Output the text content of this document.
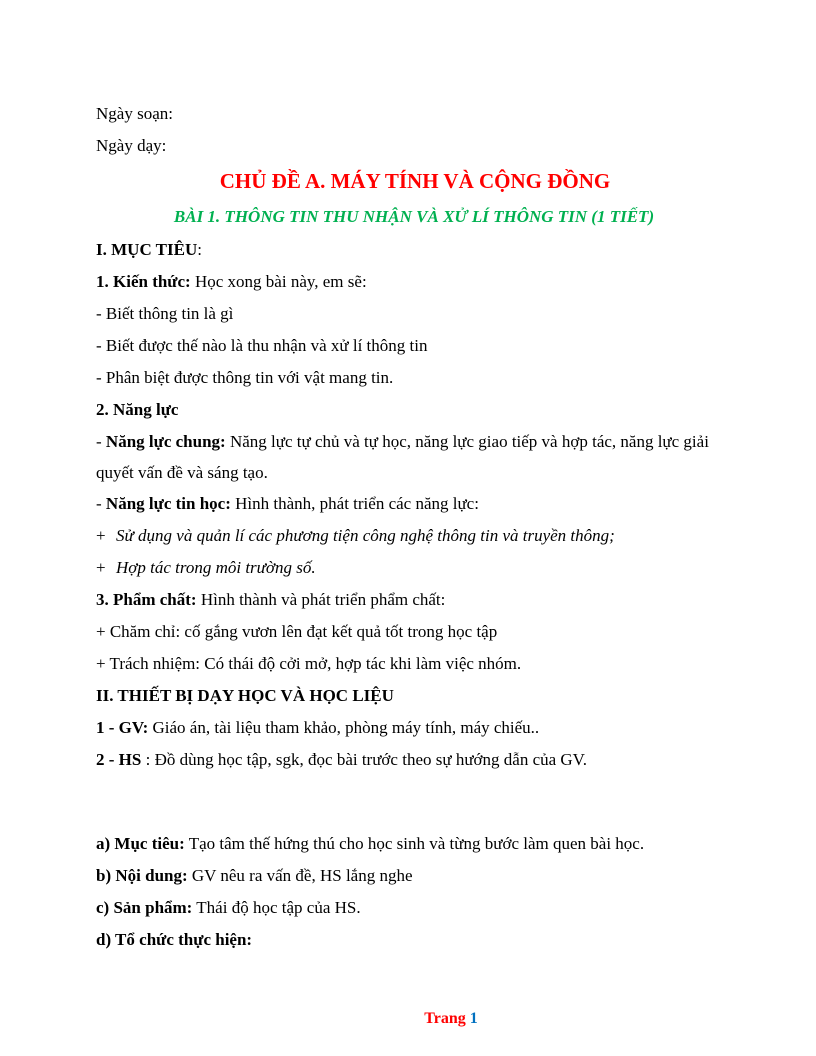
Ngày soạn:
Ngày dạy:
CHỦ ĐỀ A. MÁY TÍNH VÀ CỘNG ĐỒNG
BÀI 1. THÔNG TIN THU NHẬN VÀ XỬ LÍ THÔNG TIN (1 TIẾT)
I. MỤC TIÊU:
1. Kiến thức: Học xong bài này, em sẽ:
- Biết thông tin là gì
- Biết được thế nào là thu nhận và xử lí thông tin
- Phân biệt được thông tin với vật mang tin.
2. Năng lực
- Năng lực chung: Năng lực tự chủ và tự học, năng lực giao tiếp và hợp tác, năng lực giải quyết vấn đề và sáng tạo.
- Năng lực tin học: Hình thành, phát triển các năng lực:
+ Sử dụng và quản lí các phương tiện công nghệ thông tin và truyền thông;
+ Hợp tác trong môi trường số.
3. Phẩm chất: Hình thành và phát triển phẩm chất:
+ Chăm chỉ: cố gắng vươn lên đạt kết quả tốt trong học tập
+ Trách nhiệm: Có thái độ cởi mở, hợp tác khi làm việc nhóm.
II. THIẾT BỊ DẠY HỌC VÀ HỌC LIỆU
1 - GV: Giáo án, tài liệu tham khảo, phòng máy tính, máy chiếu..
2 - HS : Đồ dùng học tập, sgk, đọc bài trước theo sự hướng dẫn của GV.
a) Mục tiêu: Tạo tâm thế hứng thú cho học sinh và từng bước làm quen bài học.
b) Nội dung: GV nêu ra vấn đề, HS lắng nghe
c) Sản phẩm: Thái độ học tập của HS.
d) Tổ chức thực hiện:
Trang 1
